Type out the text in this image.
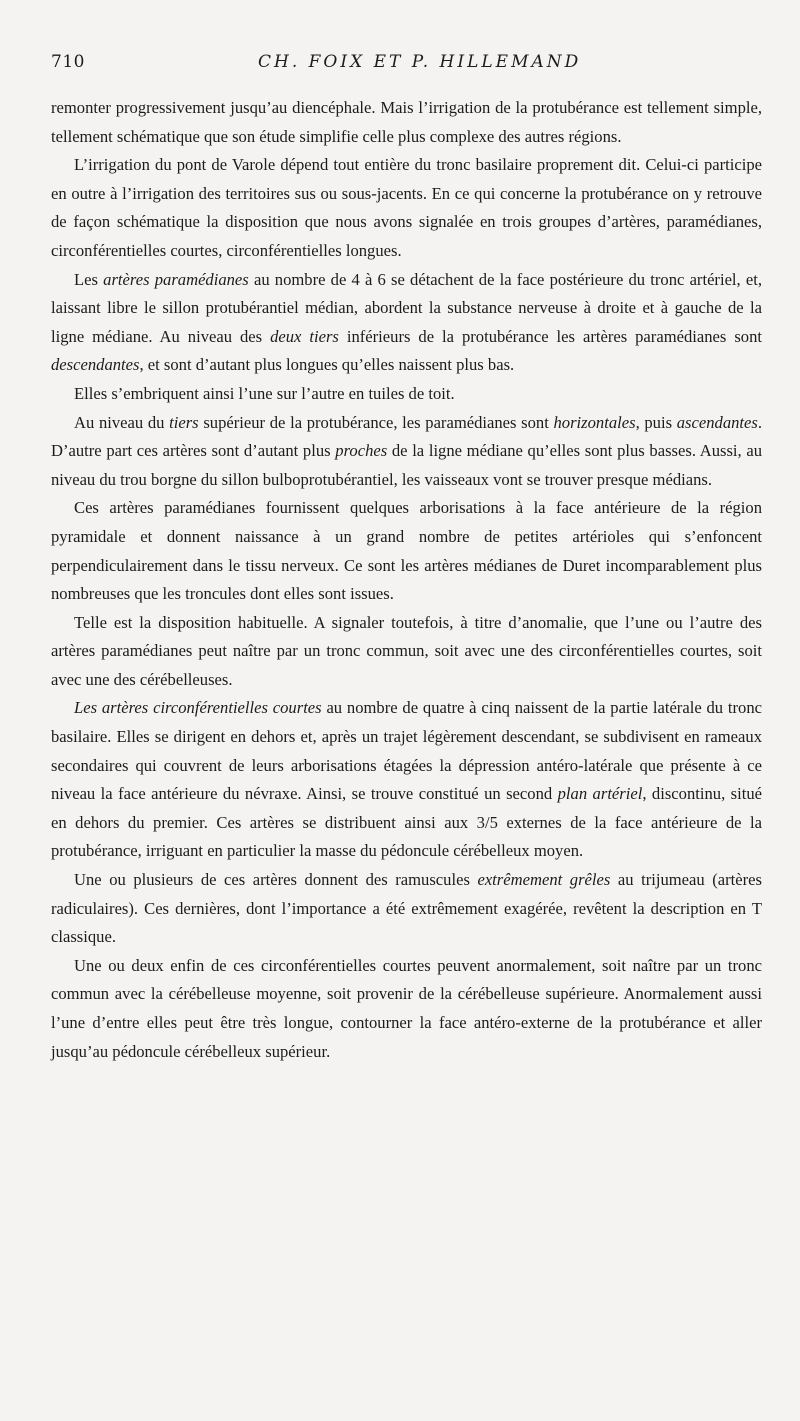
710	CH. FOIX ET P. HILLEMAND

remonter progressivement jusqu’au diencéphale. Mais l’irrigation de la protubérance est tellement simple, tellement schématique que son étude simplifie celle plus complexe des autres régions.

L’irrigation du pont de Varole dépend tout entière du tronc basilaire proprement dit. Celui-ci participe en outre à l’irrigation des territoires sus ou sous-jacents. En ce qui concerne la protubérance on y retrouve de façon schématique la disposition que nous avons signalée en trois groupes d’artères, paramédianes, circonférentielles courtes, circonférentielles longues.

Les artères paramédianes au nombre de 4 à 6 se détachent de la face postérieure du tronc artériel, et, laissant libre le sillon protubérantiel médian, abordent la substance nerveuse à droite et à gauche de la ligne médiane. Au niveau des deux tiers inférieurs de la protubérance les artères paramédianes sont descendantes, et sont d’autant plus longues qu’elles naissent plus bas.

Elles s’embriquent ainsi l’une sur l’autre en tuiles de toit.

Au niveau du tiers supérieur de la protubérance, les paramédianes sont horizontales, puis ascendantes. D’autre part ces artères sont d’autant plus proches de la ligne médiane qu’elles sont plus basses. Aussi, au niveau du trou borgne du sillon bulboprotubérantiel, les vaisseaux vont se trouver presque médians.

Ces artères paramédianes fournissent quelques arborisations à la face antérieure de la région pyramidale et donnent naissance à un grand nombre de petites artérioles qui s’enfoncent perpendiculairement dans le tissu nerveux. Ce sont les artères médianes de Duret incomparablement plus nombreuses que les troncules dont elles sont issues.

Telle est la disposition habituelle. A signaler toutefois, à titre d’anomalie, que l’une ou l’autre des artères paramédianes peut naître par un tronc commun, soit avec une des circonférentielles courtes, soit avec une des cérébelleuses.

Les artères circonférentielles courtes au nombre de quatre à cinq naissent de la partie latérale du tronc basilaire. Elles se dirigent en dehors et, après un trajet légèrement descendant, se subdivisent en rameaux secondaires qui couvrent de leurs arborisations étagées la dépression antéro-latérale que présente à ce niveau la face antérieure du névraxe. Ainsi, se trouve constitué un second plan artériel, discontinu, situé en dehors du premier. Ces artères se distribuent ainsi aux 3/5 externes de la face antérieure de la protubérance, irriguant en particulier la masse du pédoncule cérébelleux moyen.

Une ou plusieurs de ces artères donnent des ramuscules extrêmement grêles au trijumeau (artères radiculaires). Ces dernières, dont l’importance a été extrêmement exagérée, revêtent la description en T classique.

Une ou deux enfin de ces circonférentielles courtes peuvent anormalement, soit naître par un tronc commun avec la cérébelleuse moyenne, soit provenir de la cérébelleuse supérieure. Anormalement aussi l’une d’entre elles peut être très longue, contourner la face antéro-externe de la protubérance et aller jusqu’au pédoncule cérébelleux supérieur.
